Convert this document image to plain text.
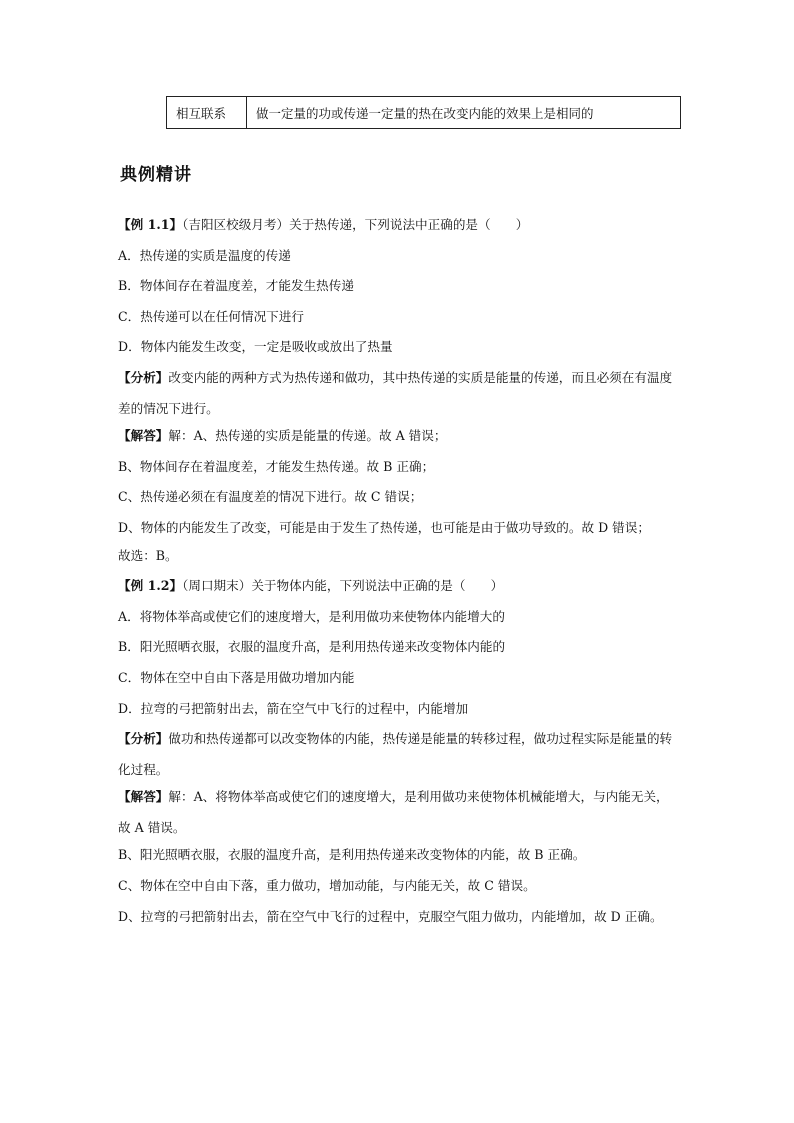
相互联系	做一定量的功或传递一定量的热在改变内能的效果上是相同的
典例精讲
【例 1.1】（吉阳区校级月考）关于热传递，下列说法中正确的是（　　）
A．热传递的实质是温度的传递
B．物体间存在着温度差，才能发生热传递
C．热传递可以在任何情况下进行
D．物体内能发生改变，一定是吸收或放出了热量
【分析】改变内能的两种方式为热传递和做功，其中热传递的实质是能量的传递，而且必须在有温度差的情况下进行。
【解答】解：A、热传递的实质是能量的传递。故 A 错误；
B、物体间存在着温度差，才能发生热传递。故 B 正确；
C、热传递必须在有温度差的情况下进行。故 C 错误；
D、物体的内能发生了改变，可能是由于发生了热传递，也可能是由于做功导致的。故 D 错误；
故选：B。
【例 1.2】（周口期末）关于物体内能，下列说法中正确的是（　　）
A．将物体举高或使它们的速度增大，是利用做功来使物体内能增大的
B．阳光照晒衣服，衣服的温度升高，是利用热传递来改变物体内能的
C．物体在空中自由下落是用做功增加内能
D．拉弯的弓把箭射出去，箭在空气中飞行的过程中，内能增加
【分析】做功和热传递都可以改变物体的内能，热传递是能量的转移过程，做功过程实际是能量的转化过程。
【解答】解：A、将物体举高或使它们的速度增大，是利用做功来使物体机械能增大，与内能无关，故 A 错误。
B、阳光照晒衣服，衣服的温度升高，是利用热传递来改变物体的内能，故 B 正确。
C、物体在空中自由下落，重力做功，增加动能，与内能无关，故 C 错误。
D、拉弯的弓把箭射出去，箭在空气中飞行的过程中，克服空气阻力做功，内能增加，故 D 正确。
